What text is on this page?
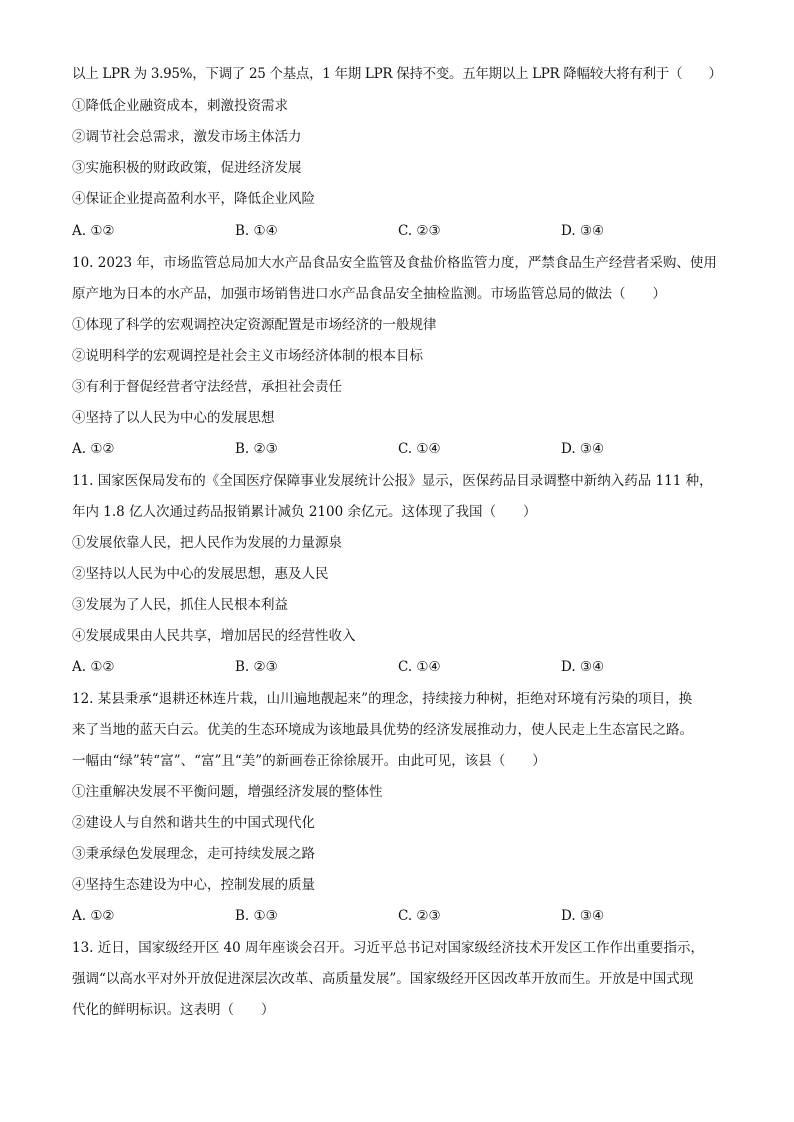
以上 LPR 为 3.95%，下调了 25 个基点，1 年期 LPR 保持不变。五年期以上 LPR 降幅较大将有利于（　　）
①降低企业融资成本，刺激投资需求
②调节社会总需求，激发市场主体活力
③实施积极的财政政策，促进经济发展
④保证企业提高盈利水平，降低企业风险
A. ①②	B. ①④	C. ②③	D. ③④
10. 2023 年，市场监管总局加大水产品食品安全监管及食盐价格监管力度，严禁食品生产经营者采购、使用
原产地为日本的水产品，加强市场销售进口水产品食品安全抽检监测。市场监管总局的做法（　　）
①体现了科学的宏观调控决定资源配置是市场经济的一般规律
②说明科学的宏观调控是社会主义市场经济体制的根本目标
③有利于督促经营者守法经营，承担社会责任
④坚持了以人民为中心的发展思想
A. ①②	B. ②③	C. ①④	D. ③④
11. 国家医保局发布的《全国医疗保障事业发展统计公报》显示，医保药品目录调整中新纳入药品 111 种，
年内 1.8 亿人次通过药品报销累计减负 2100 余亿元。这体现了我国（　　）
①发展依靠人民，把人民作为发展的力量源泉
②坚持以人民为中心的发展思想，惠及人民
③发展为了人民，抓住人民根本利益
④发展成果由人民共享，增加居民的经营性收入
A. ①②	B. ②③	C. ①④	D. ③④
12. 某县秉承“退耕还林连片栽，山川遍地靓起来”的理念，持续接力种树，拒绝对环境有污染的项目，换
来了当地的蓝天白云。优美的生态环境成为该地最具优势的经济发展推动力，使人民走上生态富民之路。
一幅由“绿”转“富”、“富”且“美”的新画卷正徐徐展开。由此可见，该县（　　）
①注重解决发展不平衡问题，增强经济发展的整体性
②建设人与自然和谐共生的中国式现代化
③秉承绿色发展理念，走可持续发展之路
④坚持生态建设为中心，控制发展的质量
A. ①②	B. ①③	C. ②③	D. ③④
13. 近日，国家级经开区 40 周年座谈会召开。习近平总书记对国家级经济技术开发区工作作出重要指示，
强调“以高水平对外开放促进深层次改革、高质量发展”。国家级经开区因改革开放而生。开放是中国式现
代化的鲜明标识。这表明（　　）
